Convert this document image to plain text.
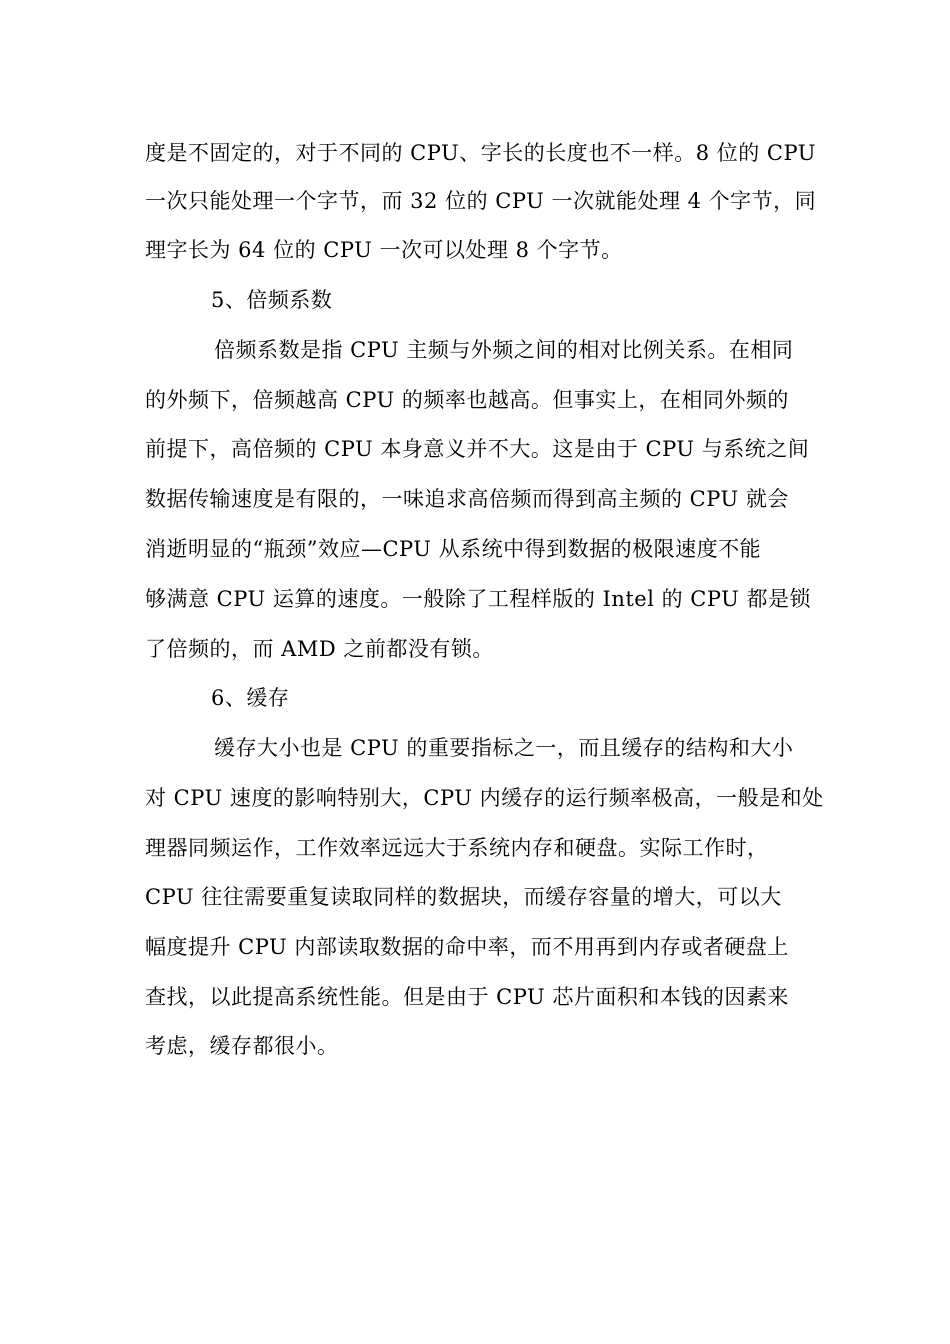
度是不固定的，对于不同的 CPU、字长的长度也不一样。8 位的 CPU
一次只能处理一个字节，而 32 位的 CPU 一次就能处理 4 个字节，同
理字长为 64 位的 CPU 一次可以处理 8 个字节。
5、倍频系数
倍频系数是指 CPU 主频与外频之间的相对比例关系。在相同
的外频下，倍频越高 CPU 的频率也越高。但事实上，在相同外频的
前提下，高倍频的 CPU 本身意义并不大。这是由于 CPU 与系统之间
数据传输速度是有限的，一味追求高倍频而得到高主频的 CPU 就会
消逝明显的“瓶颈”效应—CPU 从系统中得到数据的极限速度不能
够满意 CPU 运算的速度。一般除了工程样版的 Intel 的 CPU 都是锁
了倍频的，而 AMD 之前都没有锁。
6、缓存
缓存大小也是 CPU 的重要指标之一，而且缓存的结构和大小
对 CPU 速度的影响特别大，CPU 内缓存的运行频率极高，一般是和处
理器同频运作，工作效率远远大于系统内存和硬盘。实际工作时，
CPU 往往需要重复读取同样的数据块，而缓存容量的增大，可以大
幅度提升 CPU 内部读取数据的命中率，而不用再到内存或者硬盘上
查找，以此提高系统性能。但是由于 CPU 芯片面积和本钱的因素来
考虑，缓存都很小。
